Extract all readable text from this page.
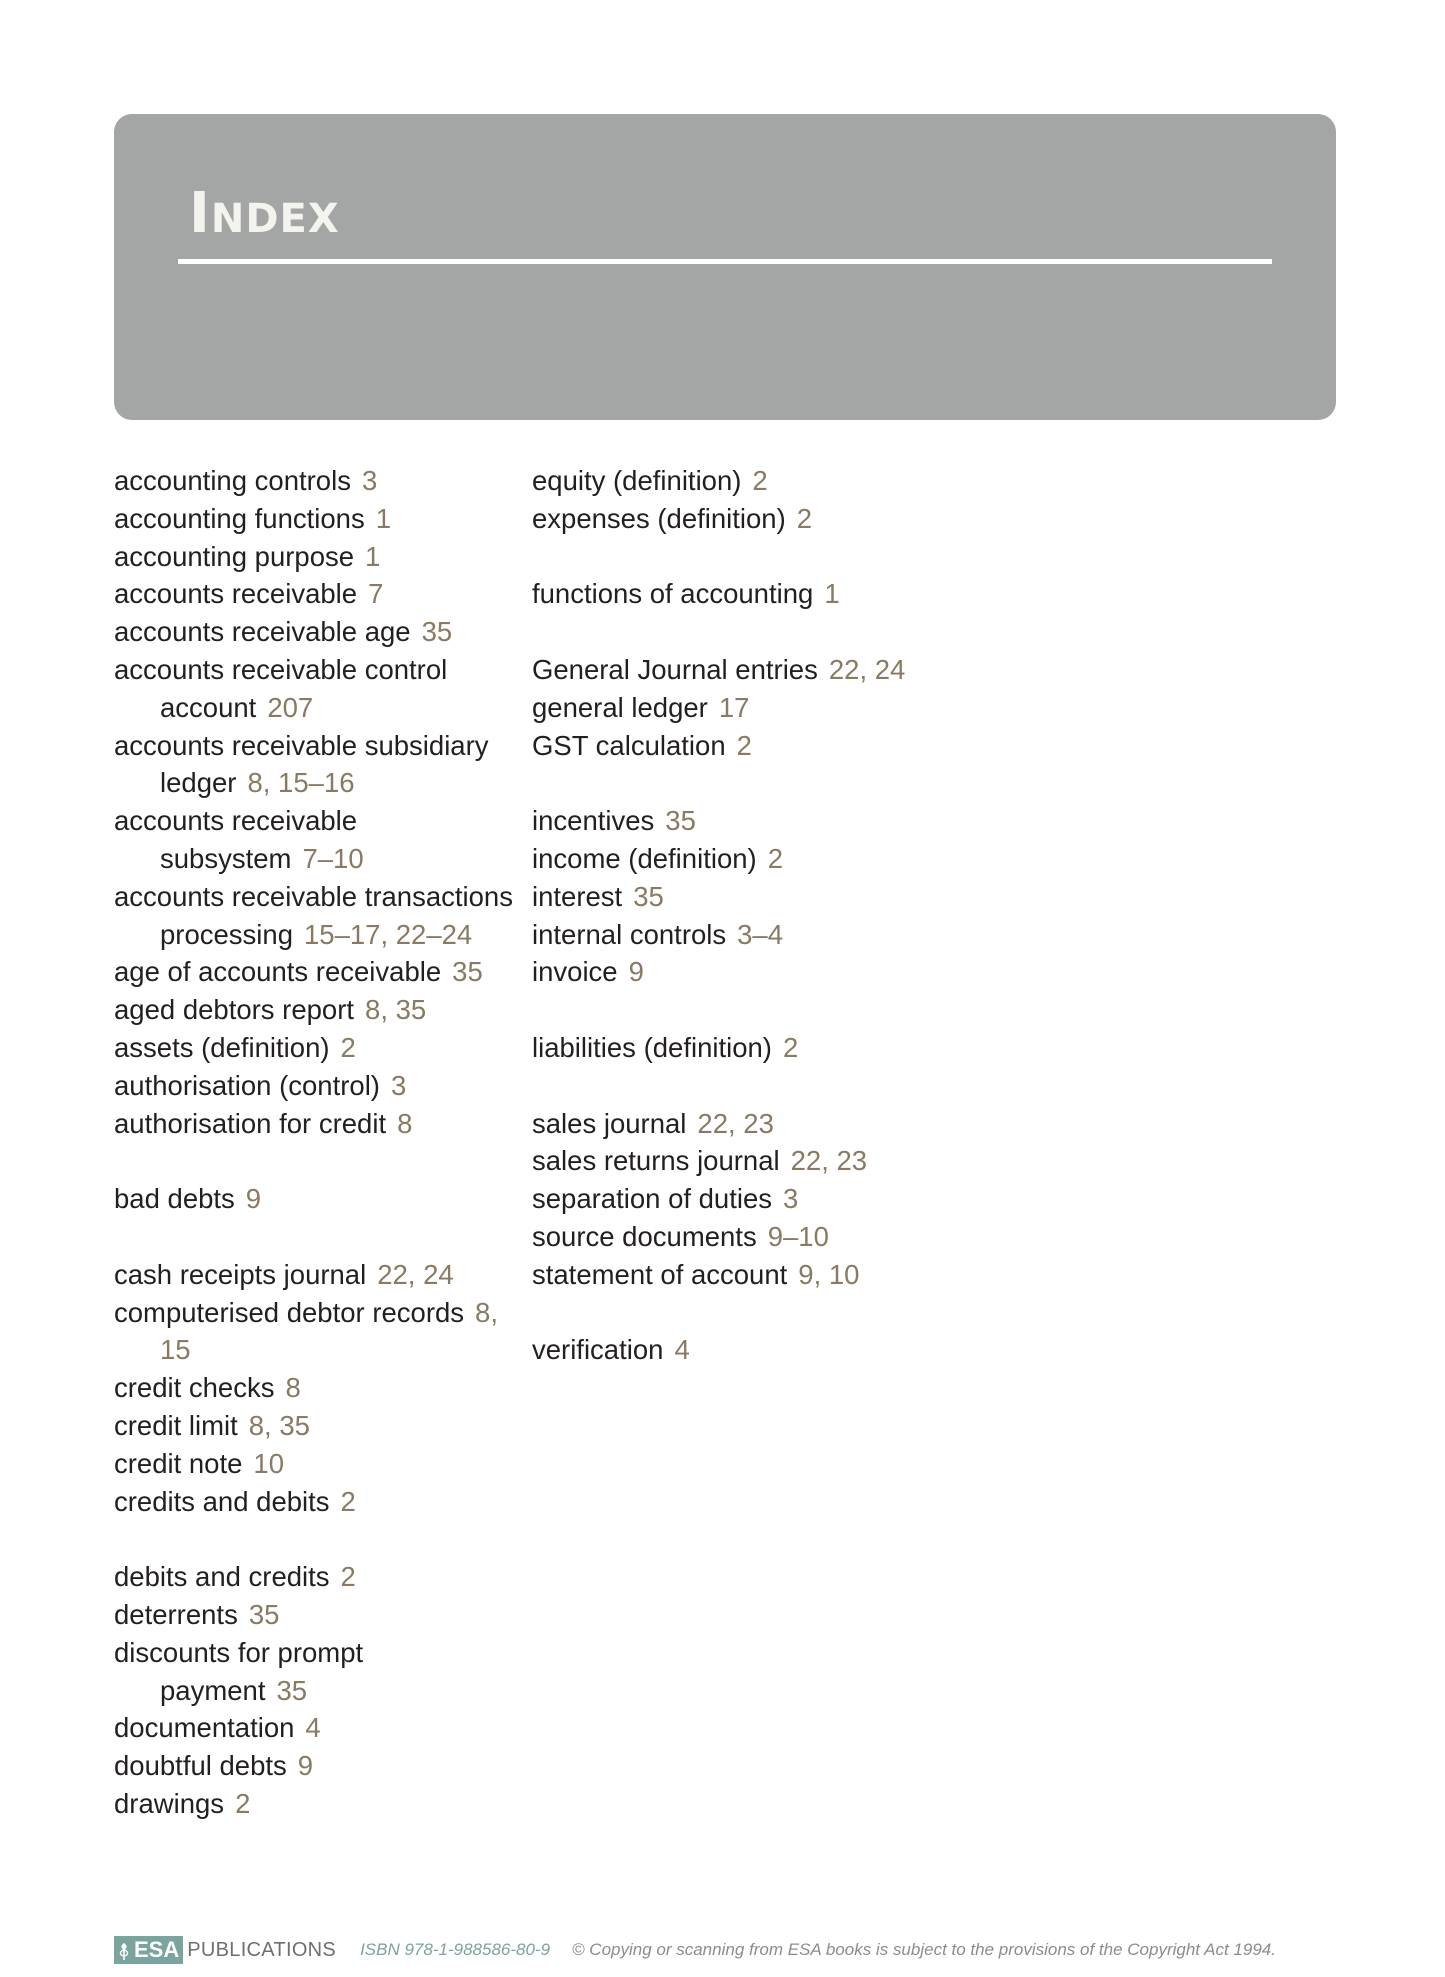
INDEX

accounting controls 3

accounting functions 1

accounting purpose 1

accounts receivable 7

accounts receivable age 35

accounts receivable control account 207

accounts receivable subsidiary ledger 8, 15–16

accounts receivable subsystem 7–10

accounts receivable transactions processing 15–17, 22–24

age of accounts receivable 35

aged debtors report 8, 35

assets (definition) 2

authorisation (control) 3

authorisation for credit 8

bad debts 9

cash receipts journal 22, 24

computerised debtor records 8, 15

credit checks 8

credit limit 8, 35

credit note 10

credits and debits 2

debits and credits 2

deterrents 35

discounts for prompt payment 35

documentation 4

doubtful debts 9

drawings 2

equity (definition) 2

expenses (definition) 2

functions of accounting 1

General Journal entries 22, 24

general ledger 17

GST calculation 2

incentives 35

income (definition) 2

interest 35

internal controls 3–4

invoice 9

liabilities (definition) 2

sales journal 22, 23

sales returns journal 22, 23

separation of duties 3

source documents 9–10

statement of account 9, 10

verification 4

ESA PUBLICATIONS ISBN 978-1-988586-80-9 © Copying or scanning from ESA books is subject to the provisions of the Copyright Act 1994.
